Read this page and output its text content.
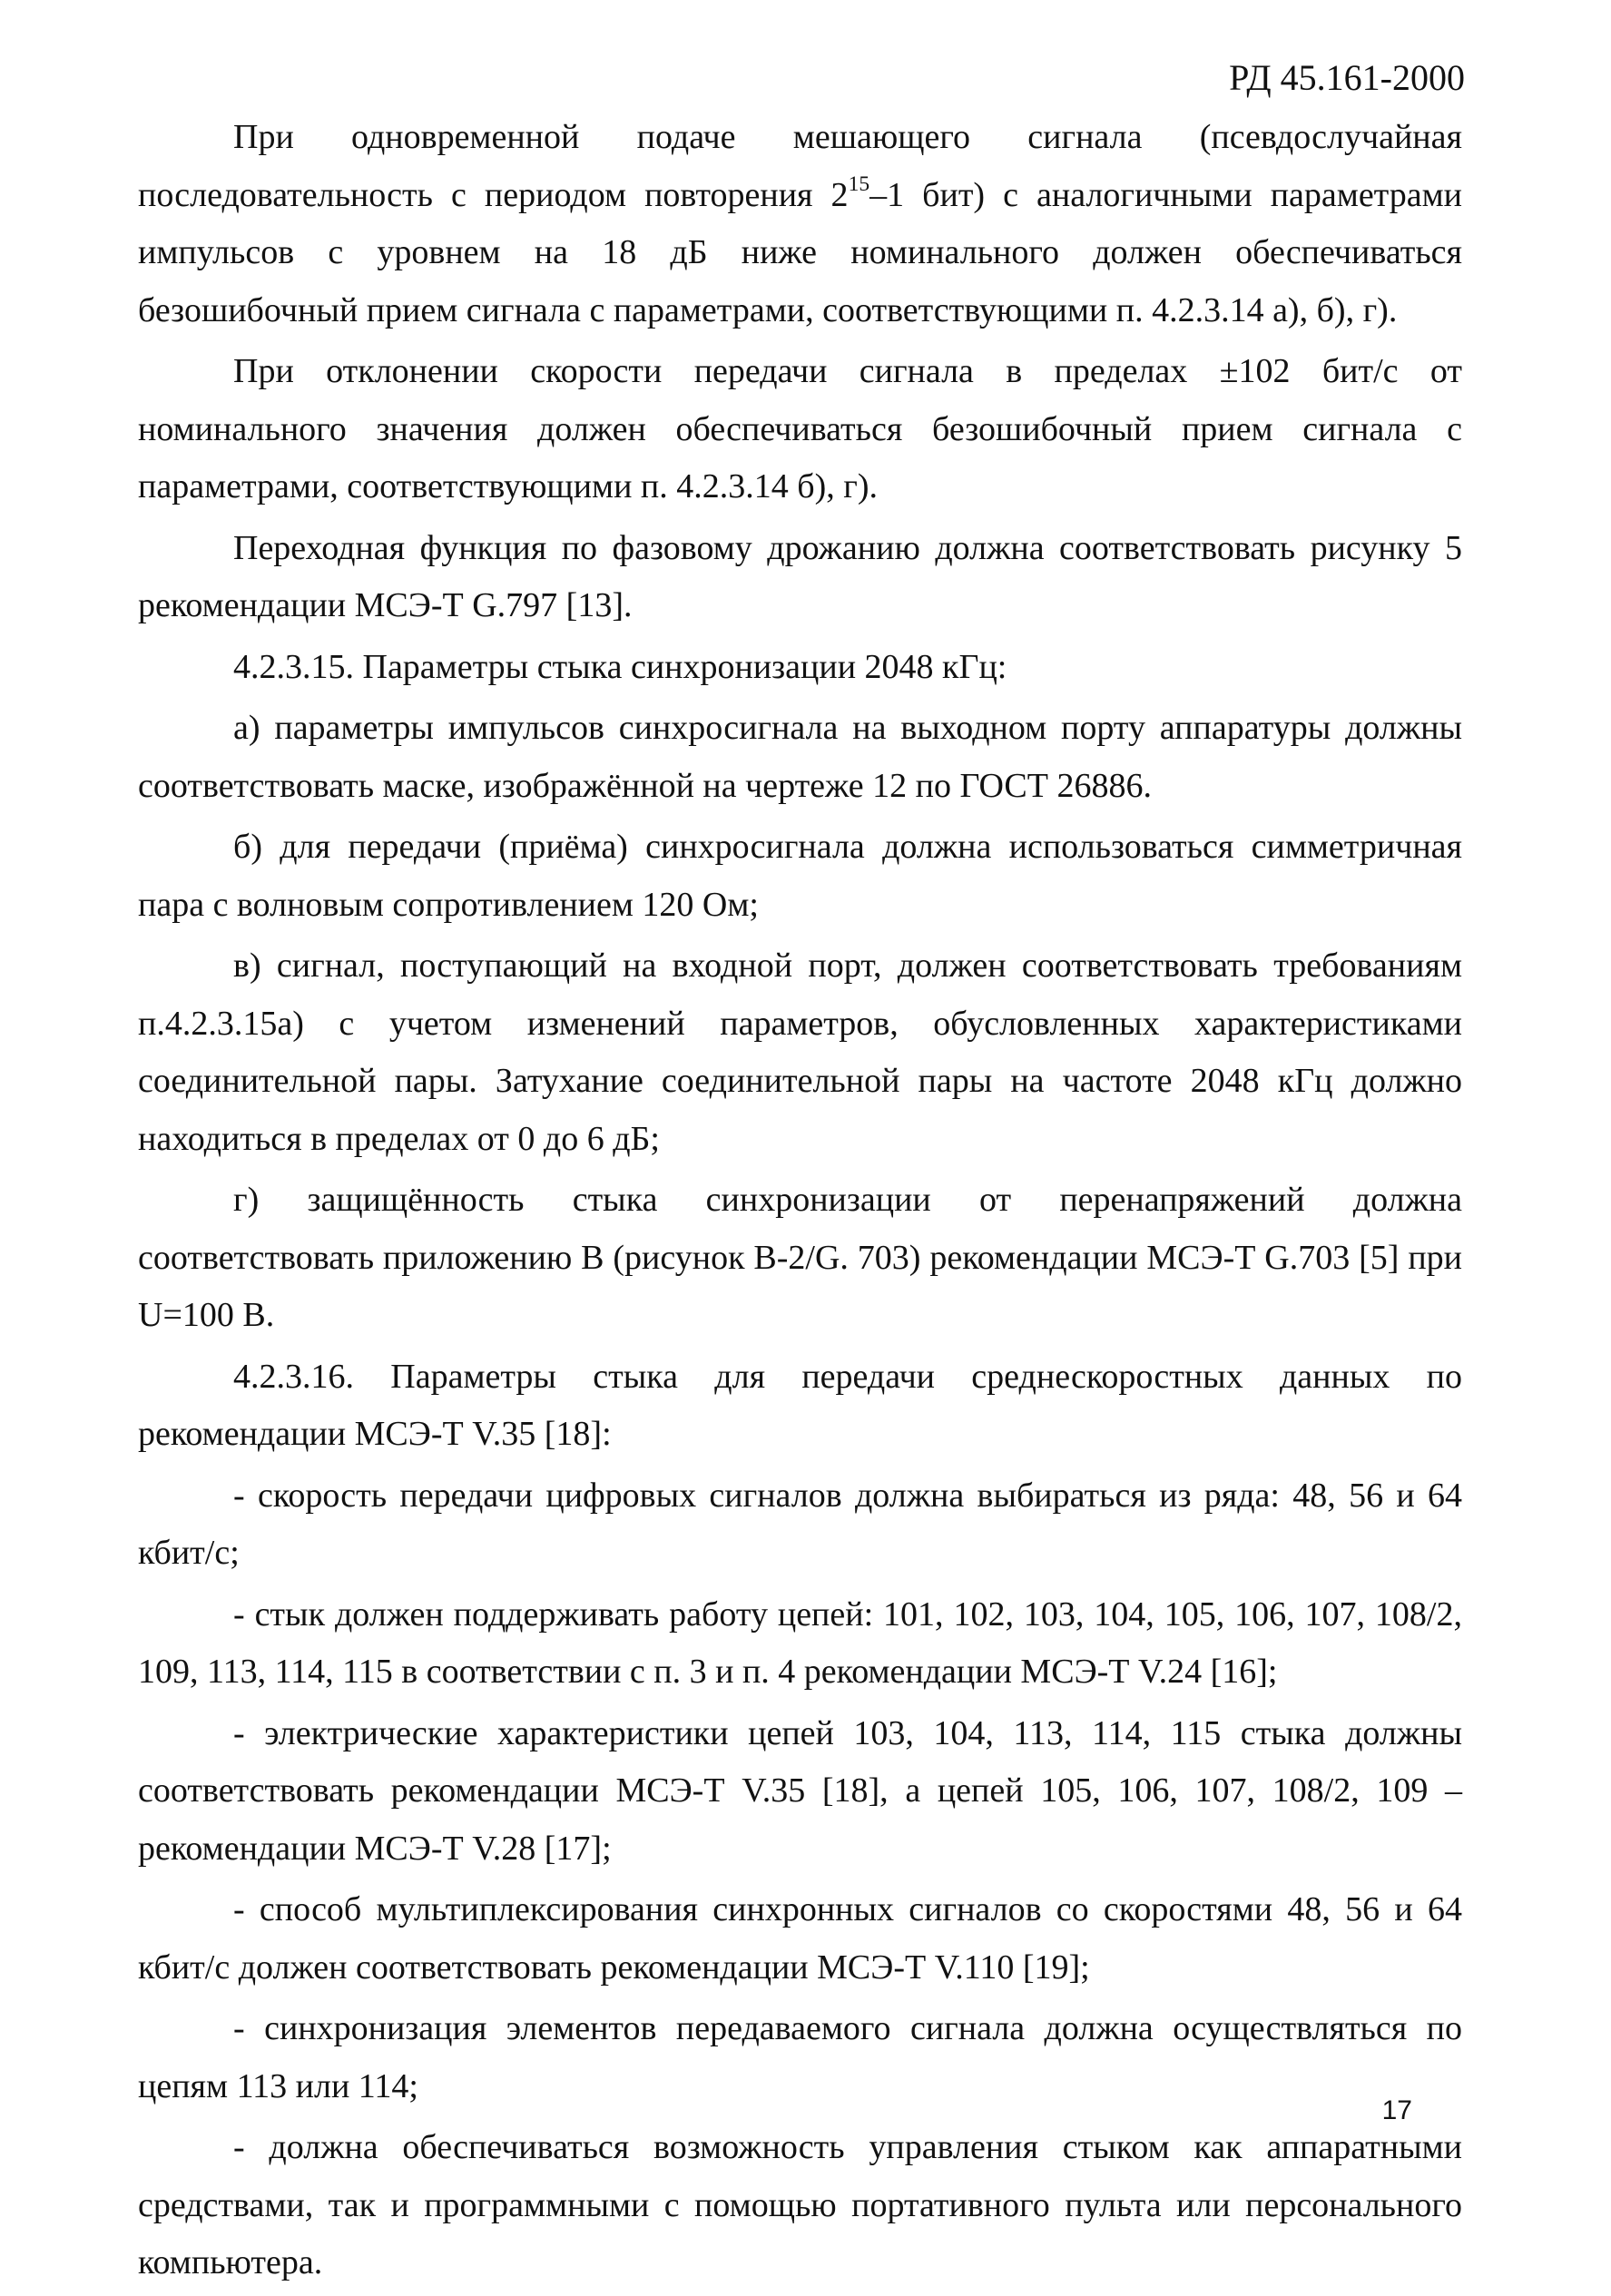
РД 45.161-2000

При одновременной подаче мешающего сигнала (псевдослучайная последовательность с периодом повторения $2^{15}-1$ бит) с аналогичными параметрами импульсов с уровнем на 18 дБ ниже номинального должен обеспечиваться безошибочный прием сигнала с параметрами, соответствующими п. 4.2.3.14 а), б), г).

При отклонении скорости передачи сигнала в пределах ±102 бит/с от номинального значения должен обеспечиваться безошибочный прием сигнала с параметрами, соответствующими п. 4.2.3.14 б), г).

Переходная функция по фазовому дрожанию должна соответствовать рисунку 5 рекомендации МСЭ-Т G.797 [13].

4.2.3.15. Параметры стыка синхронизации 2048 кГц:

а) параметры импульсов синхросигнала на выходном порту аппаратуры должны соответствовать маске, изображённой на чертеже 12 по ГОСТ 26886.

б) для передачи (приёма) синхросигнала должна использоваться симметричная пара с волновым сопротивлением 120 Ом;

в) сигнал, поступающий на входной порт, должен соответствовать требованиям п.4.2.3.15а) с учетом изменений параметров, обусловленных характеристиками соединительной пары. Затухание соединительной пары на частоте 2048 кГц должно находиться в пределах от 0 до 6 дБ;

г) защищённость стыка синхронизации от перенапряжений должна соответствовать приложению В (рисунок В-2/G. 703) рекомендации МСЭ-Т G.703 [5] при U=100 В.

4.2.3.16. Параметры стыка для передачи среднескоростных данных по рекомендации МСЭ-Т V.35 [18]:

- скорость передачи цифровых сигналов должна выбираться из ряда: 48, 56 и 64 кбит/с;

- стык должен поддерживать работу цепей: 101, 102, 103, 104, 105, 106, 107, 108/2, 109, 113, 114, 115 в соответствии с п. 3 и п. 4 рекомендации МСЭ-Т V.24 [16];

- электрические характеристики цепей 103, 104, 113, 114, 115 стыка должны соответствовать рекомендации МСЭ-Т V.35 [18], а цепей 105, 106, 107, 108/2, 109 – рекомендации МСЭ-Т V.28 [17];

- способ мультиплексирования синхронных сигналов со скоростями 48, 56 и 64 кбит/с должен соответствовать рекомендации МСЭ-Т V.110 [19];

- синхронизация элементов передаваемого сигнала должна осуществляться по цепям 113 или 114;

- должна обеспечиваться возможность управления стыком как аппаратными средствами, так и программными с помощью портативного пульта или персонального компьютера.

17
